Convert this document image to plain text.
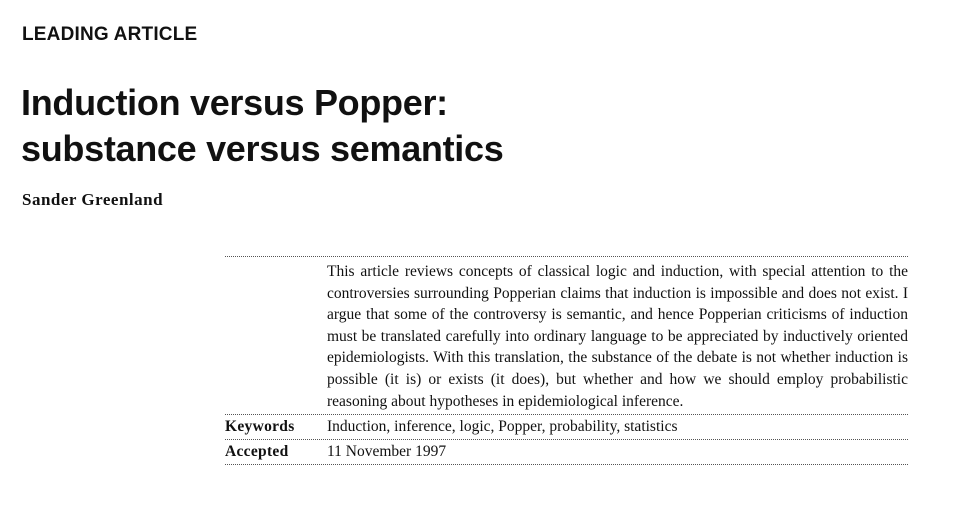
LEADING ARTICLE
Induction versus Popper:
substance versus semantics
Sander Greenland

This article reviews concepts of classical logic and induction, with special attention to the controversies surrounding Popperian claims that induction is impossible and does not exist. I argue that some of the controversy is semantic, and hence Popperian criticisms of induction must be translated carefully into ordinary language to be appreciated by inductively oriented epidemiologists. With this translation, the substance of the debate is not whether induction is possible (it is) or exists (it does), but whether and how we should employ probabilistic reasoning about hypotheses in epidemiological inference.

Keywords	Induction, inference, logic, Popper, probability, statistics
Accepted	11 November 1997
